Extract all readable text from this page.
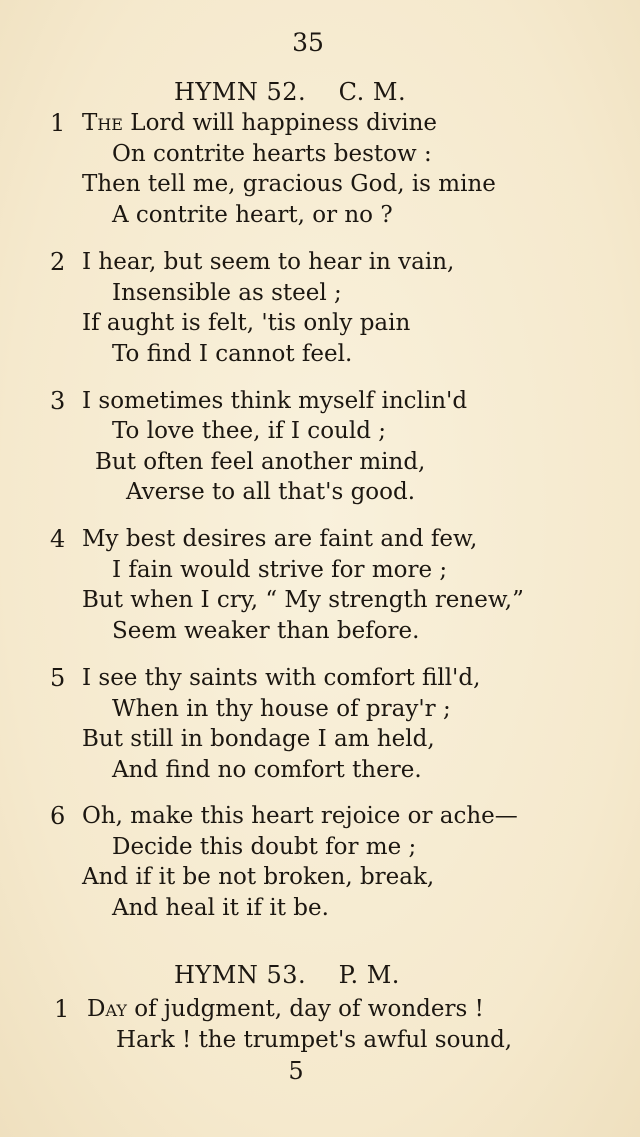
35
HYMN 52.    C. M.
1 The Lord will happiness divine
On contrite hearts bestow :
Then tell me, gracious God, is mine
A contrite heart, or no ?
2 I hear, but seem to hear in vain,
Insensible as steel ;
If aught is felt, 'tis only pain
To find I cannot feel.
3 I sometimes think myself inclin'd
To love thee, if I could ;
But often feel another mind,
Averse to all that's good.
4 My best desires are faint and few,
I fain would strive for more ;
But when I cry, “ My strength renew,”
Seem weaker than before.
5 I see thy saints with comfort fill'd,
When in thy house of pray'r ;
But still in bondage I am held,
And find no comfort there.
6 Oh, make this heart rejoice or ache—
Decide this doubt for me ;
And if it be not broken, break,
And heal it if it be.
HYMN 53.    P. M.
1 Day of judgment, day of wonders !
Hark ! the trumpet's awful sound,
5
